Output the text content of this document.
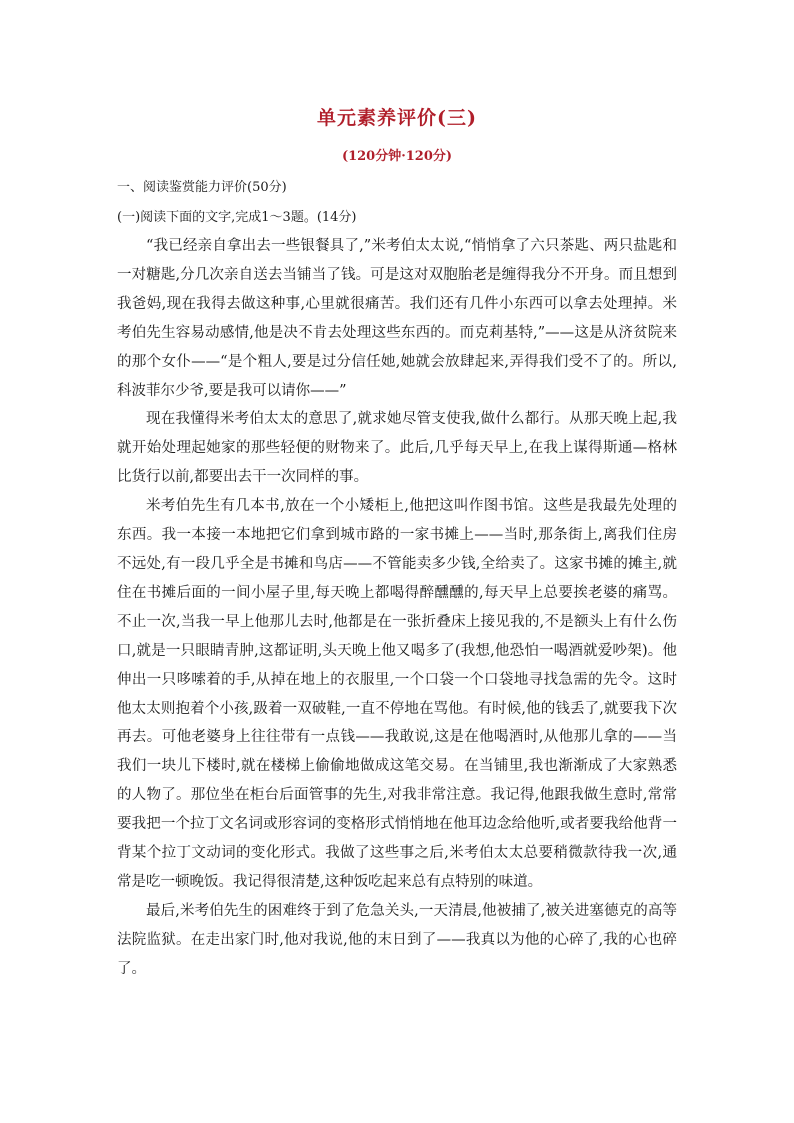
单元素养评价(三)
(120分钟·120分)
一、阅读鉴赏能力评价(50分)
(一)阅读下面的文字,完成1～3题。(14分)

“我已经亲自拿出去一些银餐具了,”米考伯太太说,“悄悄拿了六只茶匙、两只盐匙和一对糖匙,分几次亲自送去当铺当了钱。可是这对双胞胎老是缠得我分不开身。而且想到我爸妈,现在我得去做这种事,心里就很痛苦。我们还有几件小东西可以拿去处理掉。米考伯先生容易动感情,他是决不肯去处理这些东西的。而克莉基特,”——这是从济贫院来的那个女仆——“是个粗人,要是过分信任她,她就会放肆起来,弄得我们受不了的。所以,科波菲尔少爷,要是我可以请你——”

现在我懂得米考伯太太的意思了,就求她尽管支使我,做什么都行。从那天晚上起,我就开始处理起她家的那些轻便的财物来了。此后,几乎每天早上,在我上谋得斯通—格林比货行以前,都要出去干一次同样的事。

米考伯先生有几本书,放在一个小矮柜上,他把这叫作图书馆。这些是我最先处理的东西。我一本接一本地把它们拿到城市路的一家书摊上——当时,那条街上,离我们住房不远处,有一段几乎全是书摊和鸟店——不管能卖多少钱,全给卖了。这家书摊的摊主,就住在书摊后面的一间小屋子里,每天晚上都喝得醉醺醺的,每天早上总要挨老婆的痛骂。不止一次,当我一早上他那儿去时,他都是在一张折叠床上接见我的,不是额头上有什么伤口,就是一只眼睛青肿,这都证明,头天晚上他又喝多了(我想,他恐怕一喝酒就爱吵架)。他伸出一只哆嗦着的手,从掉在地上的衣服里,一个口袋一个口袋地寻找急需的先令。这时他太太则抱着个小孩,趿着一双破鞋,一直不停地在骂他。有时候,他的钱丢了,就要我下次再去。可他老婆身上往往带有一点钱——我敢说,这是在他喝酒时,从他那儿拿的——当我们一块儿下楼时,就在楼梯上偷偷地做成这笔交易。在当铺里,我也渐渐成了大家熟悉的人物了。那位坐在柜台后面管事的先生,对我非常注意。我记得,他跟我做生意时,常常要我把一个拉丁文名词或形容词的变格形式悄悄地在他耳边念给他听,或者要我给他背一背某个拉丁文动词的变化形式。我做了这些事之后,米考伯太太总要稍微款待我一次,通常是吃一顿晚饭。我记得很清楚,这种饭吃起来总有点特别的味道。

最后,米考伯先生的困难终于到了危急关头,一天清晨,他被捕了,被关进塞德克的高等法院监狱。在走出家门时,他对我说,他的末日到了——我真以为他的心碎了,我的心也碎了。
